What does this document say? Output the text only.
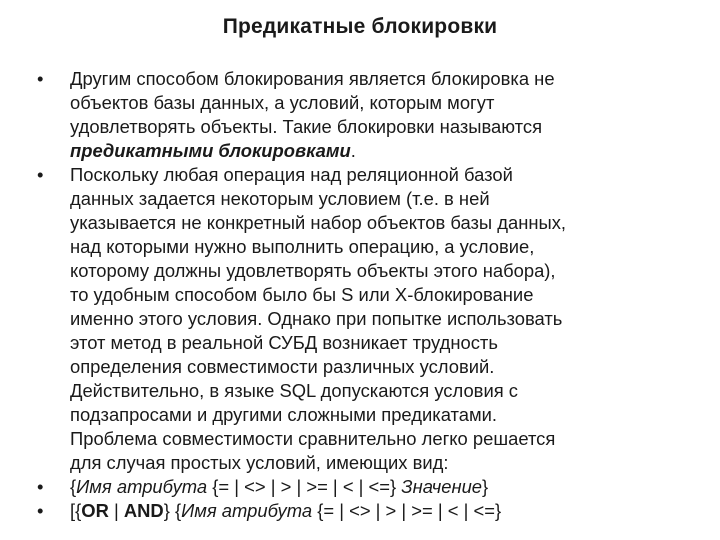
Предикатные блокировки
•	Другим способом блокирования является блокировка не
объектов базы данных, а условий, которым могут
удовлетворять объекты. Такие блокировки называются
предикатными блокировками.
•	Поскольку любая операция над реляционной базой
данных задается некоторым условием (т.е. в ней
указывается не конкретный набор объектов базы данных,
над которыми нужно выполнить операцию, а условие,
которому должны удовлетворять объекты этого набора),
то удобным способом было бы S или X-блокирование
именно этого условия. Однако при попытке использовать
этот метод в реальной СУБД возникает трудность
определения совместимости различных условий.
Действительно, в языке SQL допускаются условия с
подзапросами и другими сложными предикатами.
Проблема совместимости сравнительно легко решается
для случая простых условий, имеющих вид:
•	{Имя атрибута {= | <> | > | >= | < | <=} Значение}
•	[{OR | AND} {Имя атрибута {= | <> | > | >= | < | <=}
